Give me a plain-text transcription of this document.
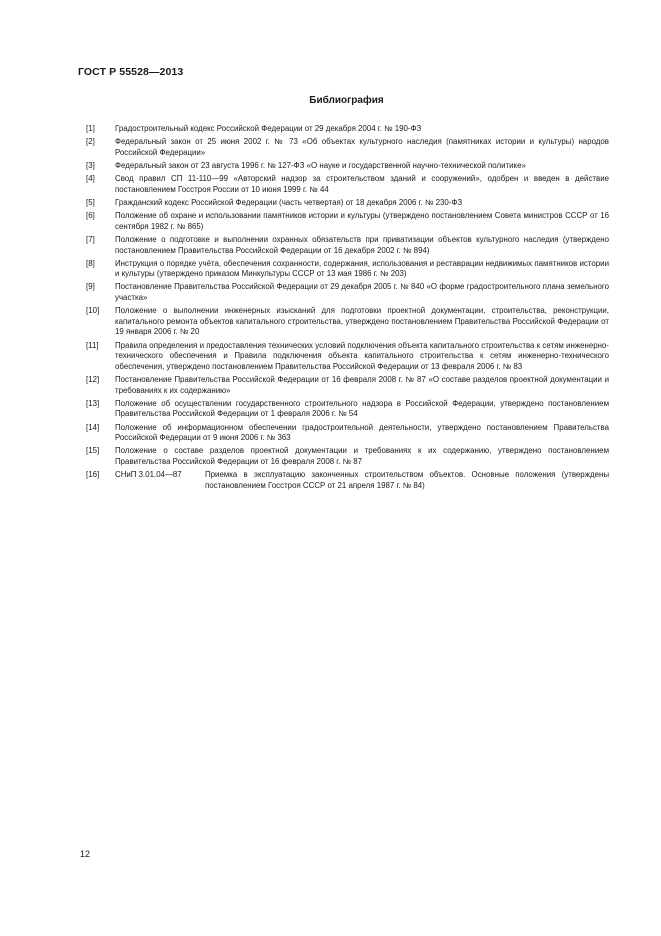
ГОСТ Р 55528—2013
Библиография
[1]	Градостроительный кодекс Российской Федерации от 29 декабря 2004 г. № 190-ФЗ
[2]	Федеральный закон от 25 июня 2002 г. № 73 «Об объектах культурного наследия (памятниках истории и культуры) народов Российской Федерации»
[3]	Федеральный закон от 23 августа 1996 г. № 127-ФЗ «О науке и государственной научно-технической политике»
[4]	Свод правил СП 11-110—99 «Авторский надзор за строительством зданий и сооружений», одобрен и введен в действие постановлением Госстроя России от 10 июня 1999 г. № 44
[5]	Гражданский кодекс Российской Федерации (часть четвертая) от 18 декабря 2006 г. № 230-ФЗ
[6]	Положение об охране и использовании памятников истории и культуры (утверждено постановлением Совета министров СССР от 16 сентября 1982 г. № 865)
[7]	Положение о подготовке и выполнении охранных обязательств при приватизации объектов культурного наследия (утверждено постановлением Правительства Российской Федерации от 16 декабря 2002 г. № 894)
[8]	Инструкция о порядке учёта, обеспечения сохранности, содержания, использования и реставрации недвижимых памятников истории и культуры (утверждено приказом Минкультуры СССР от 13 мая 1986 г. № 203)
[9]	Постановление Правительства Российской Федерации от 29 декабря 2005 г. № 840 «О форме градостроительного плана земельного участка»
[10]	Положение о выполнении инженерных изысканий для подготовки проектной документации, строительства, реконструкции, капитального ремонта объектов капитального строительства, утверждено постановлением Правительства Российской Федерации от 19 января 2006 г. № 20
[11]	Правила определения и предоставления технических условий подключения объекта капитального строительства к сетям инженерно-технического обеспечения и Правила подключения объекта капитального строительства к сетям инженерно-технического обеспечения, утверждено постановлением Правительства Российской Федерации от 13 февраля 2006 г. № 83
[12]	Постановление Правительства Российской Федерации от 16 февраля 2008 г. № 87 «О составе разделов проектной документации и требованиях к их содержанию»
[13]	Положение об осуществлении государственного строительного надзора в Российской Федерации, утверждено постановлением Правительства Российской Федерации от 1 февраля 2006 г. № 54
[14]	Положение об информационном обеспечении градостроительной деятельности, утверждено постановлением Правительства Российской Федерации от 9 июня 2006 г. № 363
[15]	Положение о составе разделов проектной документации и требованиях к их содержанию, утверждено постановлением Правительства Российской Федерации от 16 февраля 2008 г. № 87
[16]	СНиП 3.01.04—87	Приемка в эксплуатацию законченных строительством объектов. Основные положения (утверждены постановлением Госстроя СССР от 21 апреля 1987 г. № 84)
12
